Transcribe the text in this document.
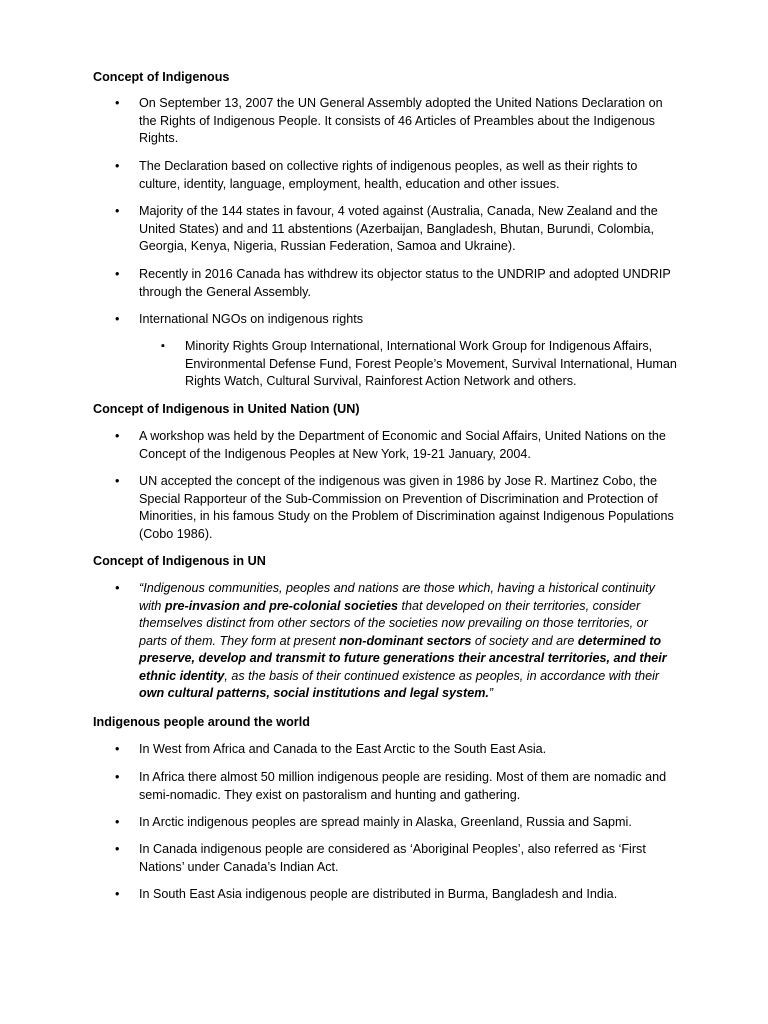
Concept of Indigenous
• On September 13, 2007 the UN General Assembly adopted the United Nations Declaration on the Rights of Indigenous People. It consists of 46 Articles of Preambles about the Indigenous Rights.
• The Declaration based on collective rights of indigenous peoples, as well as their rights to culture, identity, language, employment, health, education and other issues.
• Majority of the 144 states in favour, 4 voted against (Australia, Canada, New Zealand and the United States) and and 11 abstentions (Azerbaijan, Bangladesh, Bhutan, Burundi, Colombia, Georgia, Kenya, Nigeria, Russian Federation, Samoa and Ukraine).
• Recently in 2016 Canada has withdrew its objector status to the UNDRIP and adopted UNDRIP through the General Assembly.
• International NGOs on indigenous rights
▪ Minority Rights Group International, International Work Group for Indigenous Affairs, Environmental Defense Fund, Forest People’s Movement, Survival International, Human Rights Watch, Cultural Survival, Rainforest Action Network and others.
Concept of Indigenous in United Nation (UN)
• A workshop was held by the Department of Economic and Social Affairs, United Nations on the Concept of the Indigenous Peoples at New York, 19-21 January, 2004.
• UN accepted the concept of the indigenous was given in 1986 by Jose R. Martinez Cobo, the Special Rapporteur of the Sub-Commission on Prevention of Discrimination and Protection of Minorities, in his famous Study on the Problem of Discrimination against Indigenous Populations (Cobo 1986).
Concept of Indigenous in UN
• “Indigenous communities, peoples and nations are those which, having a historical continuity with pre-invasion and pre-colonial societies that developed on their territories, consider themselves distinct from other sectors of the societies now prevailing on those territories, or parts of them. They form at present non-dominant sectors of society and are determined to preserve, develop and transmit to future generations their ancestral territories, and their ethnic identity, as the basis of their continued existence as peoples, in accordance with their own cultural patterns, social institutions and legal system.”
Indigenous people around the world
• In West from Africa and Canada to the East Arctic to the South East Asia.
• In Africa there almost 50 million indigenous people are residing. Most of them are nomadic and semi-nomadic. They exist on pastoralism and hunting and gathering.
• In Arctic indigenous peoples are spread mainly in Alaska, Greenland, Russia and Sapmi.
• In Canada indigenous people are considered as ‘Aboriginal Peoples’, also referred as ‘First Nations’ under Canada’s Indian Act.
• In South East Asia indigenous people are distributed in Burma, Bangladesh and India.
